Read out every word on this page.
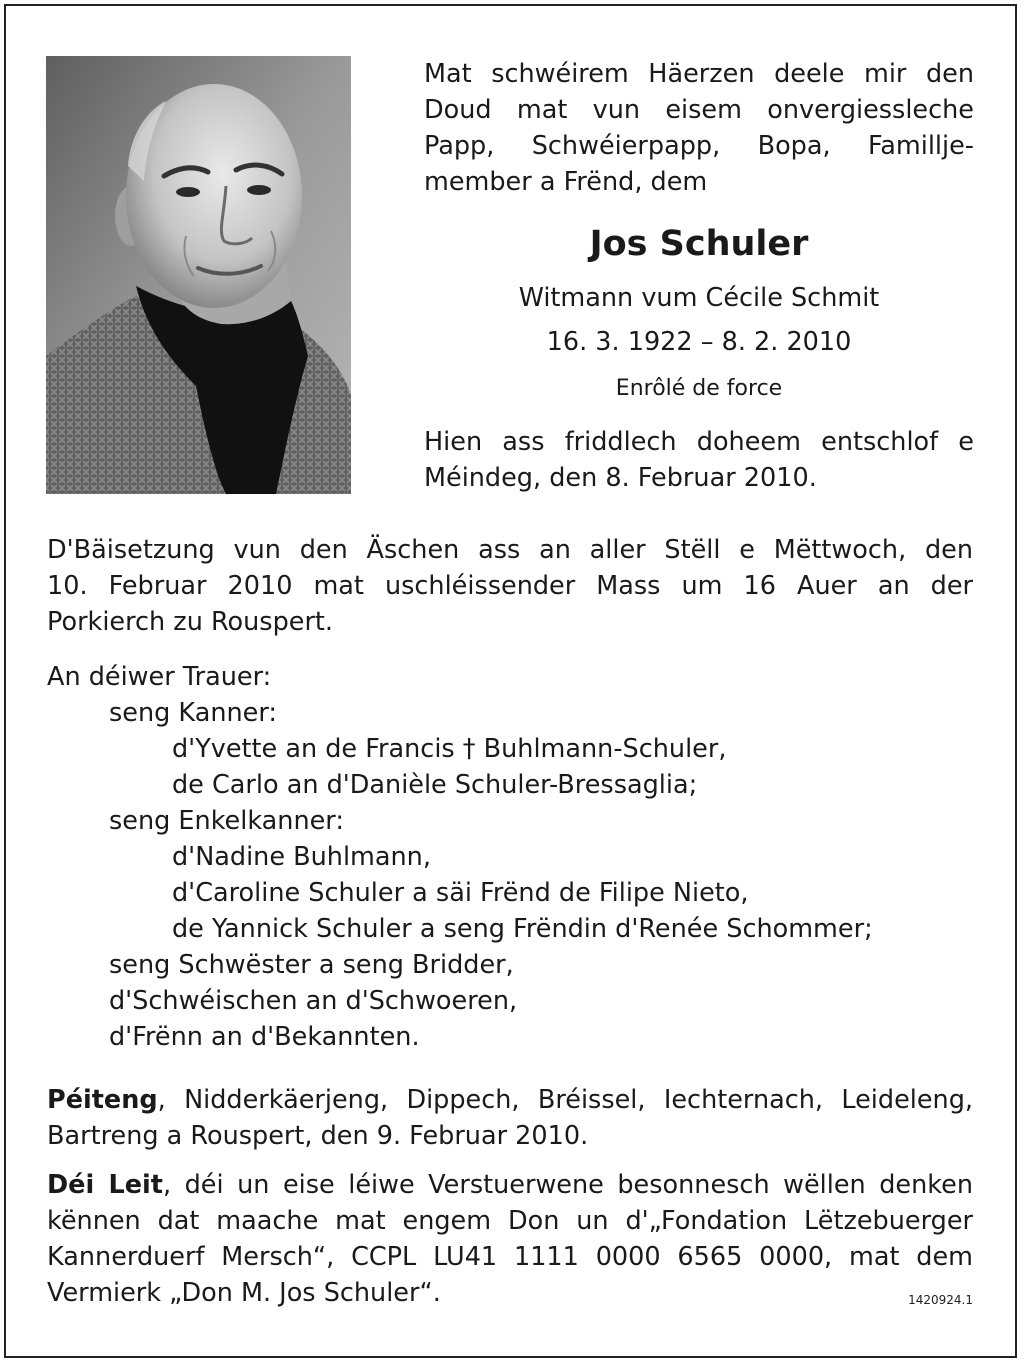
Mat schwéirem Häerzen deele mir den
Doud mat vun eisem onvergiessleche
Papp, Schwéierpapp, Bopa, Famillje-
member a Frënd, dem
Jos Schuler
Witmann vum Cécile Schmit
16. 3. 1922 – 8. 2. 2010
Enrôlé de force
Hien ass friddlech doheem entschlof e
Méindeg, den 8. Februar 2010.
D'Bäisetzung vun den Äschen ass an aller Stëll e Mëttwoch, den
10. Februar 2010 mat uschléissender Mass um 16 Auer an der
Porkierch zu Rouspert.
An déiwer Trauer:
seng Kanner:
d'Yvette an de Francis † Buhlmann-Schuler,
de Carlo an d'Danièle Schuler-Bressaglia;
seng Enkelkanner:
d'Nadine Buhlmann,
d'Caroline Schuler a säi Frënd de Filipe Nieto,
de Yannick Schuler a seng Frëndin d'Renée Schommer;
seng Schwëster a seng Bridder,
d'Schwéischen an d'Schwoeren,
d'Frënn an d'Bekannten.
Péiteng, Nidderkäerjeng, Dippech, Bréissel, Iechternach, Leideleng,
Bartreng a Rouspert, den 9. Februar 2010.
Déi Leit, déi un eise léiwe Verstuerwene besonnesch wëllen denken
kënnen dat maache mat engem Don un d'„Fondation Lëtzebuerger
Kannerduerf Mersch“, CCPL LU41 1111 0000 6565 0000, mat dem
Vermierk „Don M. Jos Schuler“.	1420924.1
